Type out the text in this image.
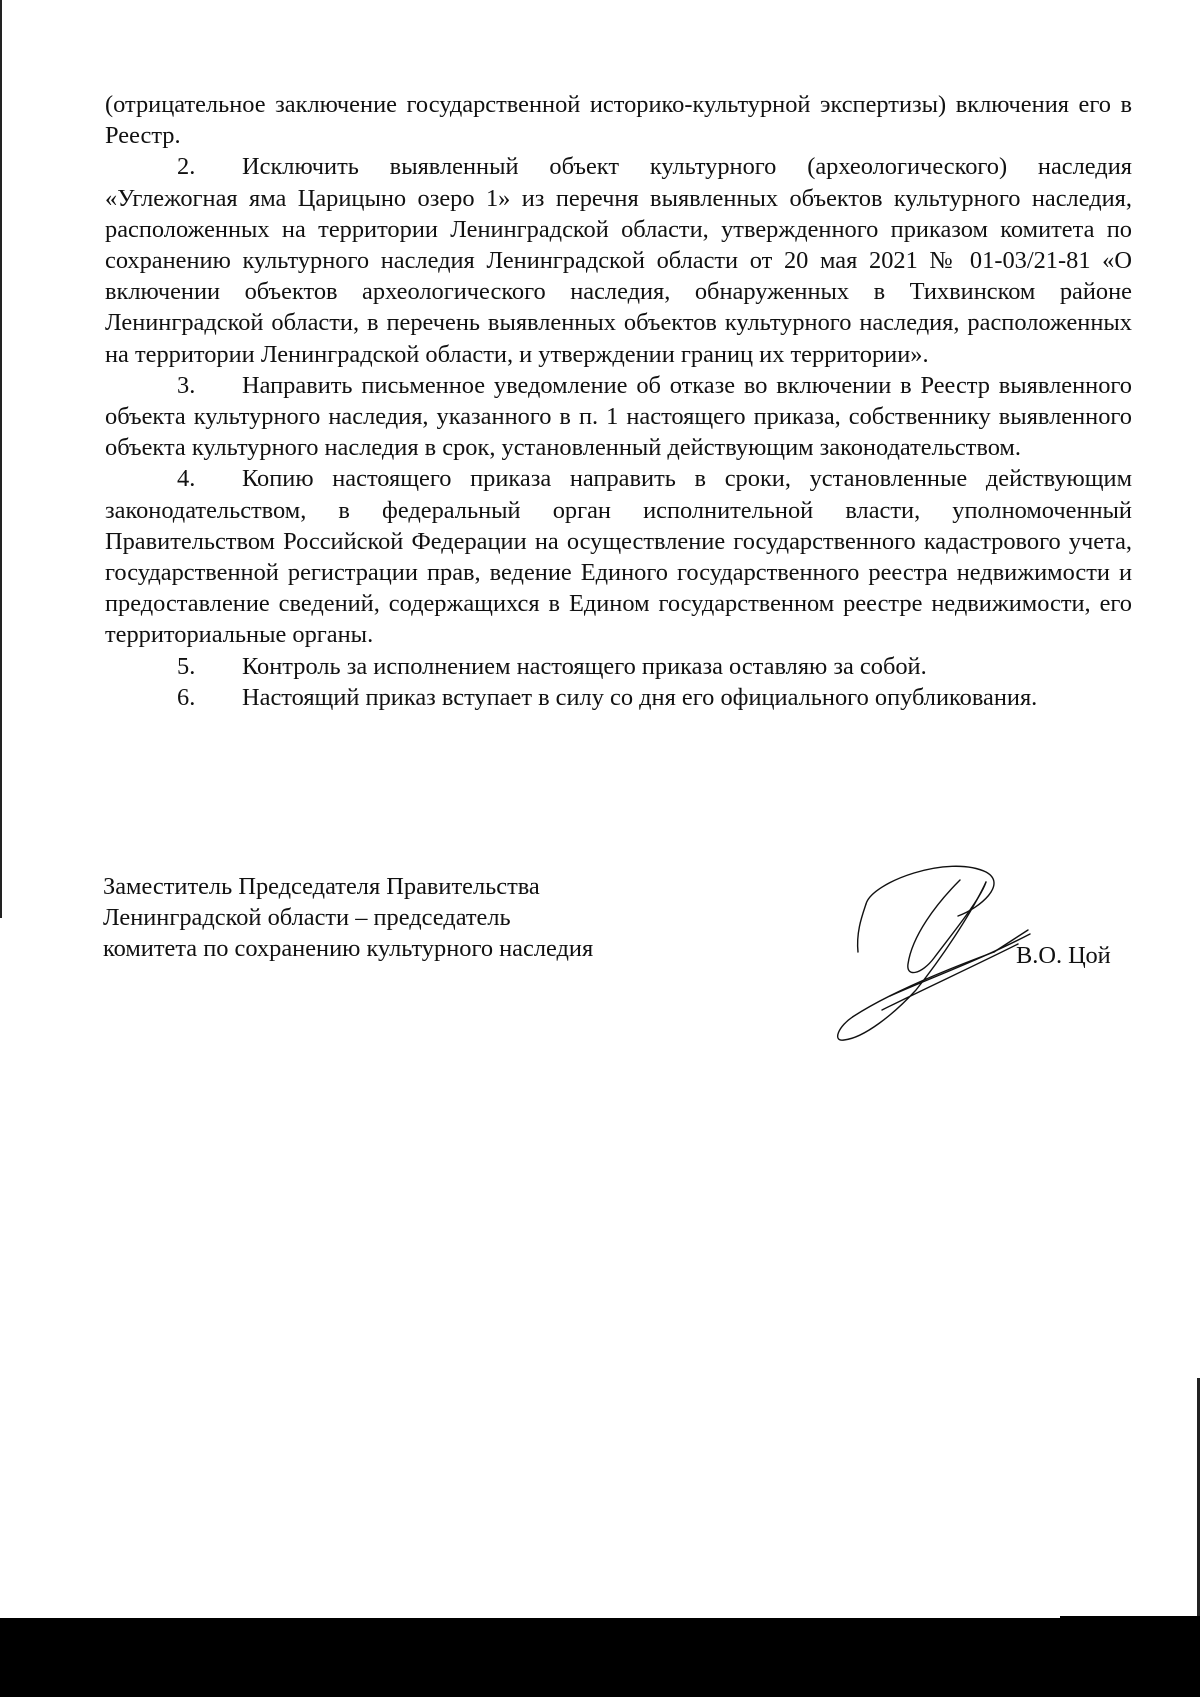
(отрицательное заключение государственной историко-культурной экспертизы) включения его в Реестр.

2. Исключить выявленный объект культурного (археологического) наследия «Углежогная яма Царицыно озеро 1» из перечня выявленных объектов культурного наследия, расположенных на территории Ленинградской области, утвержденного приказом комитета по сохранению культурного наследия Ленинградской области от 20 мая 2021 № 01-03/21-81 «О включении объектов археологического наследия, обнаруженных в Тихвинском районе Ленинградской области, в перечень выявленных объектов культурного наследия, расположенных на территории Ленинградской области, и утверждении границ их территории».

3. Направить письменное уведомление об отказе во включении в Реестр выявленного объекта культурного наследия, указанного в п. 1 настоящего приказа, собственнику выявленного объекта культурного наследия в срок, установленный действующим законодательством.

4. Копию настоящего приказа направить в сроки, установленные действующим законодательством, в федеральный орган исполнительной власти, уполномоченный Правительством Российской Федерации на осуществление государственного кадастрового учета, государственной регистрации прав, ведение Единого государственного реестра недвижимости и предоставление сведений, содержащихся в Едином государственном реестре недвижимости, его территориальные органы.

5. Контроль за исполнением настоящего приказа оставляю за собой.

6. Настоящий приказ вступает в силу со дня его официального опубликования.

Заместитель Председателя Правительства
Ленинградской области – председатель
комитета по сохранению культурного наследия	В.О. Цой
